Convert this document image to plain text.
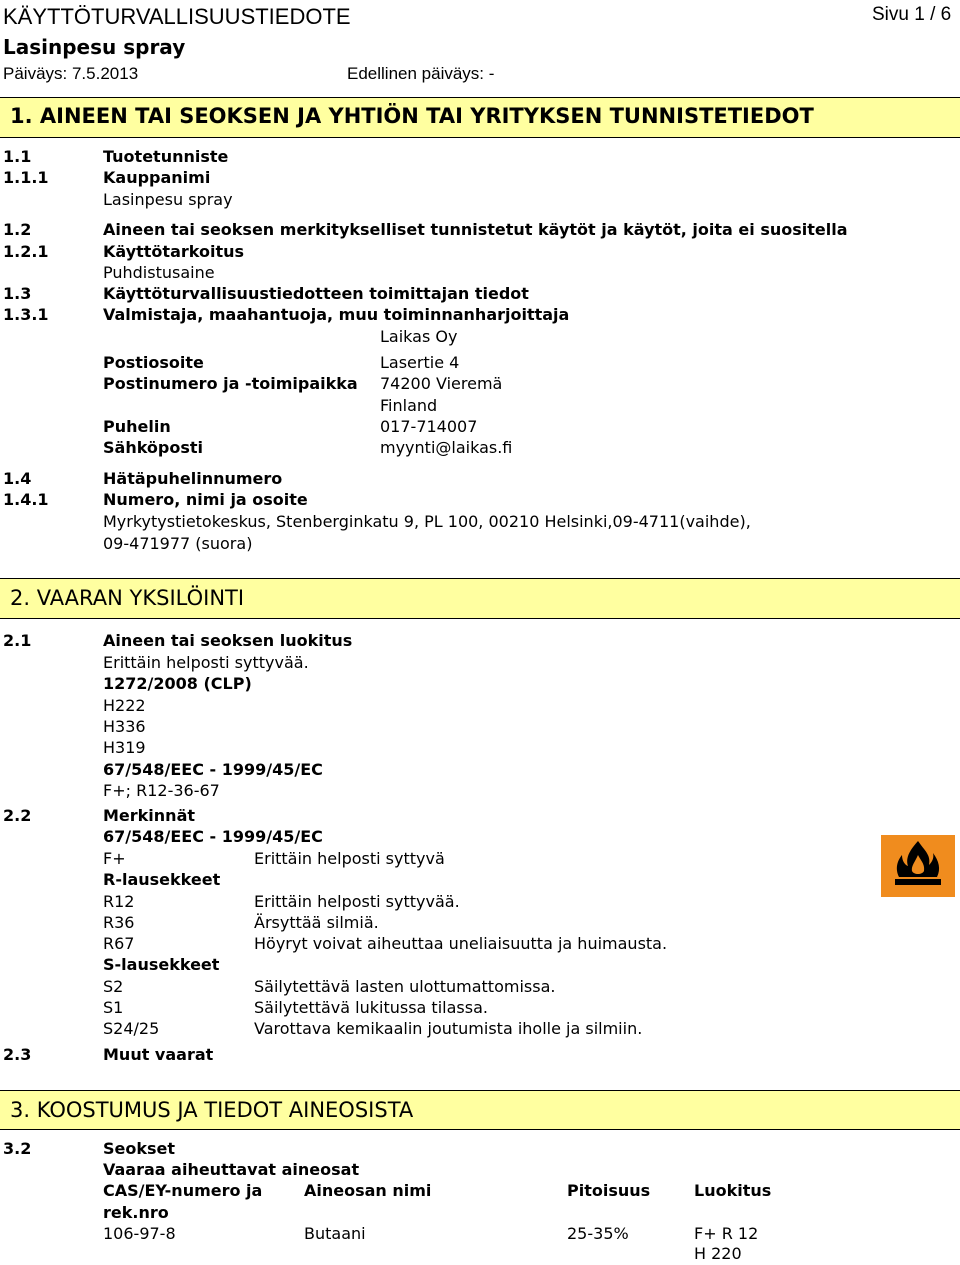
KÄYTTÖTURVALLISUUSTIEDOTE	Sivu 1 / 6
Lasinpesu spray
Päiväys: 7.5.2013	Edellinen päiväys: -
1. AINEEN TAI SEOKSEN JA YHTIÖN TAI YRITYKSEN TUNNISTETIEDOT
1.1	Tuotetunniste
1.1.1	Kauppanimi
Lasinpesu spray
1.2	Aineen tai seoksen merkitykselliset tunnistetut käytöt ja käytöt, joita ei suositella
1.2.1	Käyttötarkoitus
Puhdistusaine
1.3	Käyttöturvallisuustiedotteen toimittajan tiedot
1.3.1	Valmistaja, maahantuoja, muu toiminnanharjoittaja
Laikas Oy
Postiosoite	Lasertie 4
Postinumero ja -toimipaikka 74200 Vieremä
Finland
Puhelin	017-714007
Sähköposti	myynti@laikas.fi
1.4	Hätäpuhelinnumero
1.4.1	Numero, nimi ja osoite
Myrkytystietokeskus, Stenberginkatu 9, PL 100, 00210 Helsinki,09-4711(vaihde),
09-471977 (suora)
2. VAARAN YKSILÖINTI
2.1	Aineen tai seoksen luokitus
Erittäin helposti syttyvää.
1272/2008 (CLP)
H222
H336
H319
67/548/EEC - 1999/45/EC
F+; R12-36-67
2.2	Merkinnät
67/548/EEC - 1999/45/EC
F+	Erittäin helposti syttyvä
R-lausekkeet
R12	Erittäin helposti syttyvää.
R36	Ärsyttää silmiä.
R67	Höyryt voivat aiheuttaa uneliaisuutta ja huimausta.
S-lausekkeet
S2	Säilytettävä lasten ulottumattomissa.
S1	Säilytettävä lukitussa tilassa.
S24/25	Varottava kemikaalin joutumista iholle ja silmiin.
2.3	Muut vaarat
3. KOOSTUMUS JA TIEDOT AINEOSISTA
3.2	Seokset
Vaaraa aiheuttavat aineosat
CAS/EY-numero ja
rek.nro
Aineosan nimi	Pitoisuus	Luokitus
106-97-8	Butaani	25-35%	F+ R 12
H 220
